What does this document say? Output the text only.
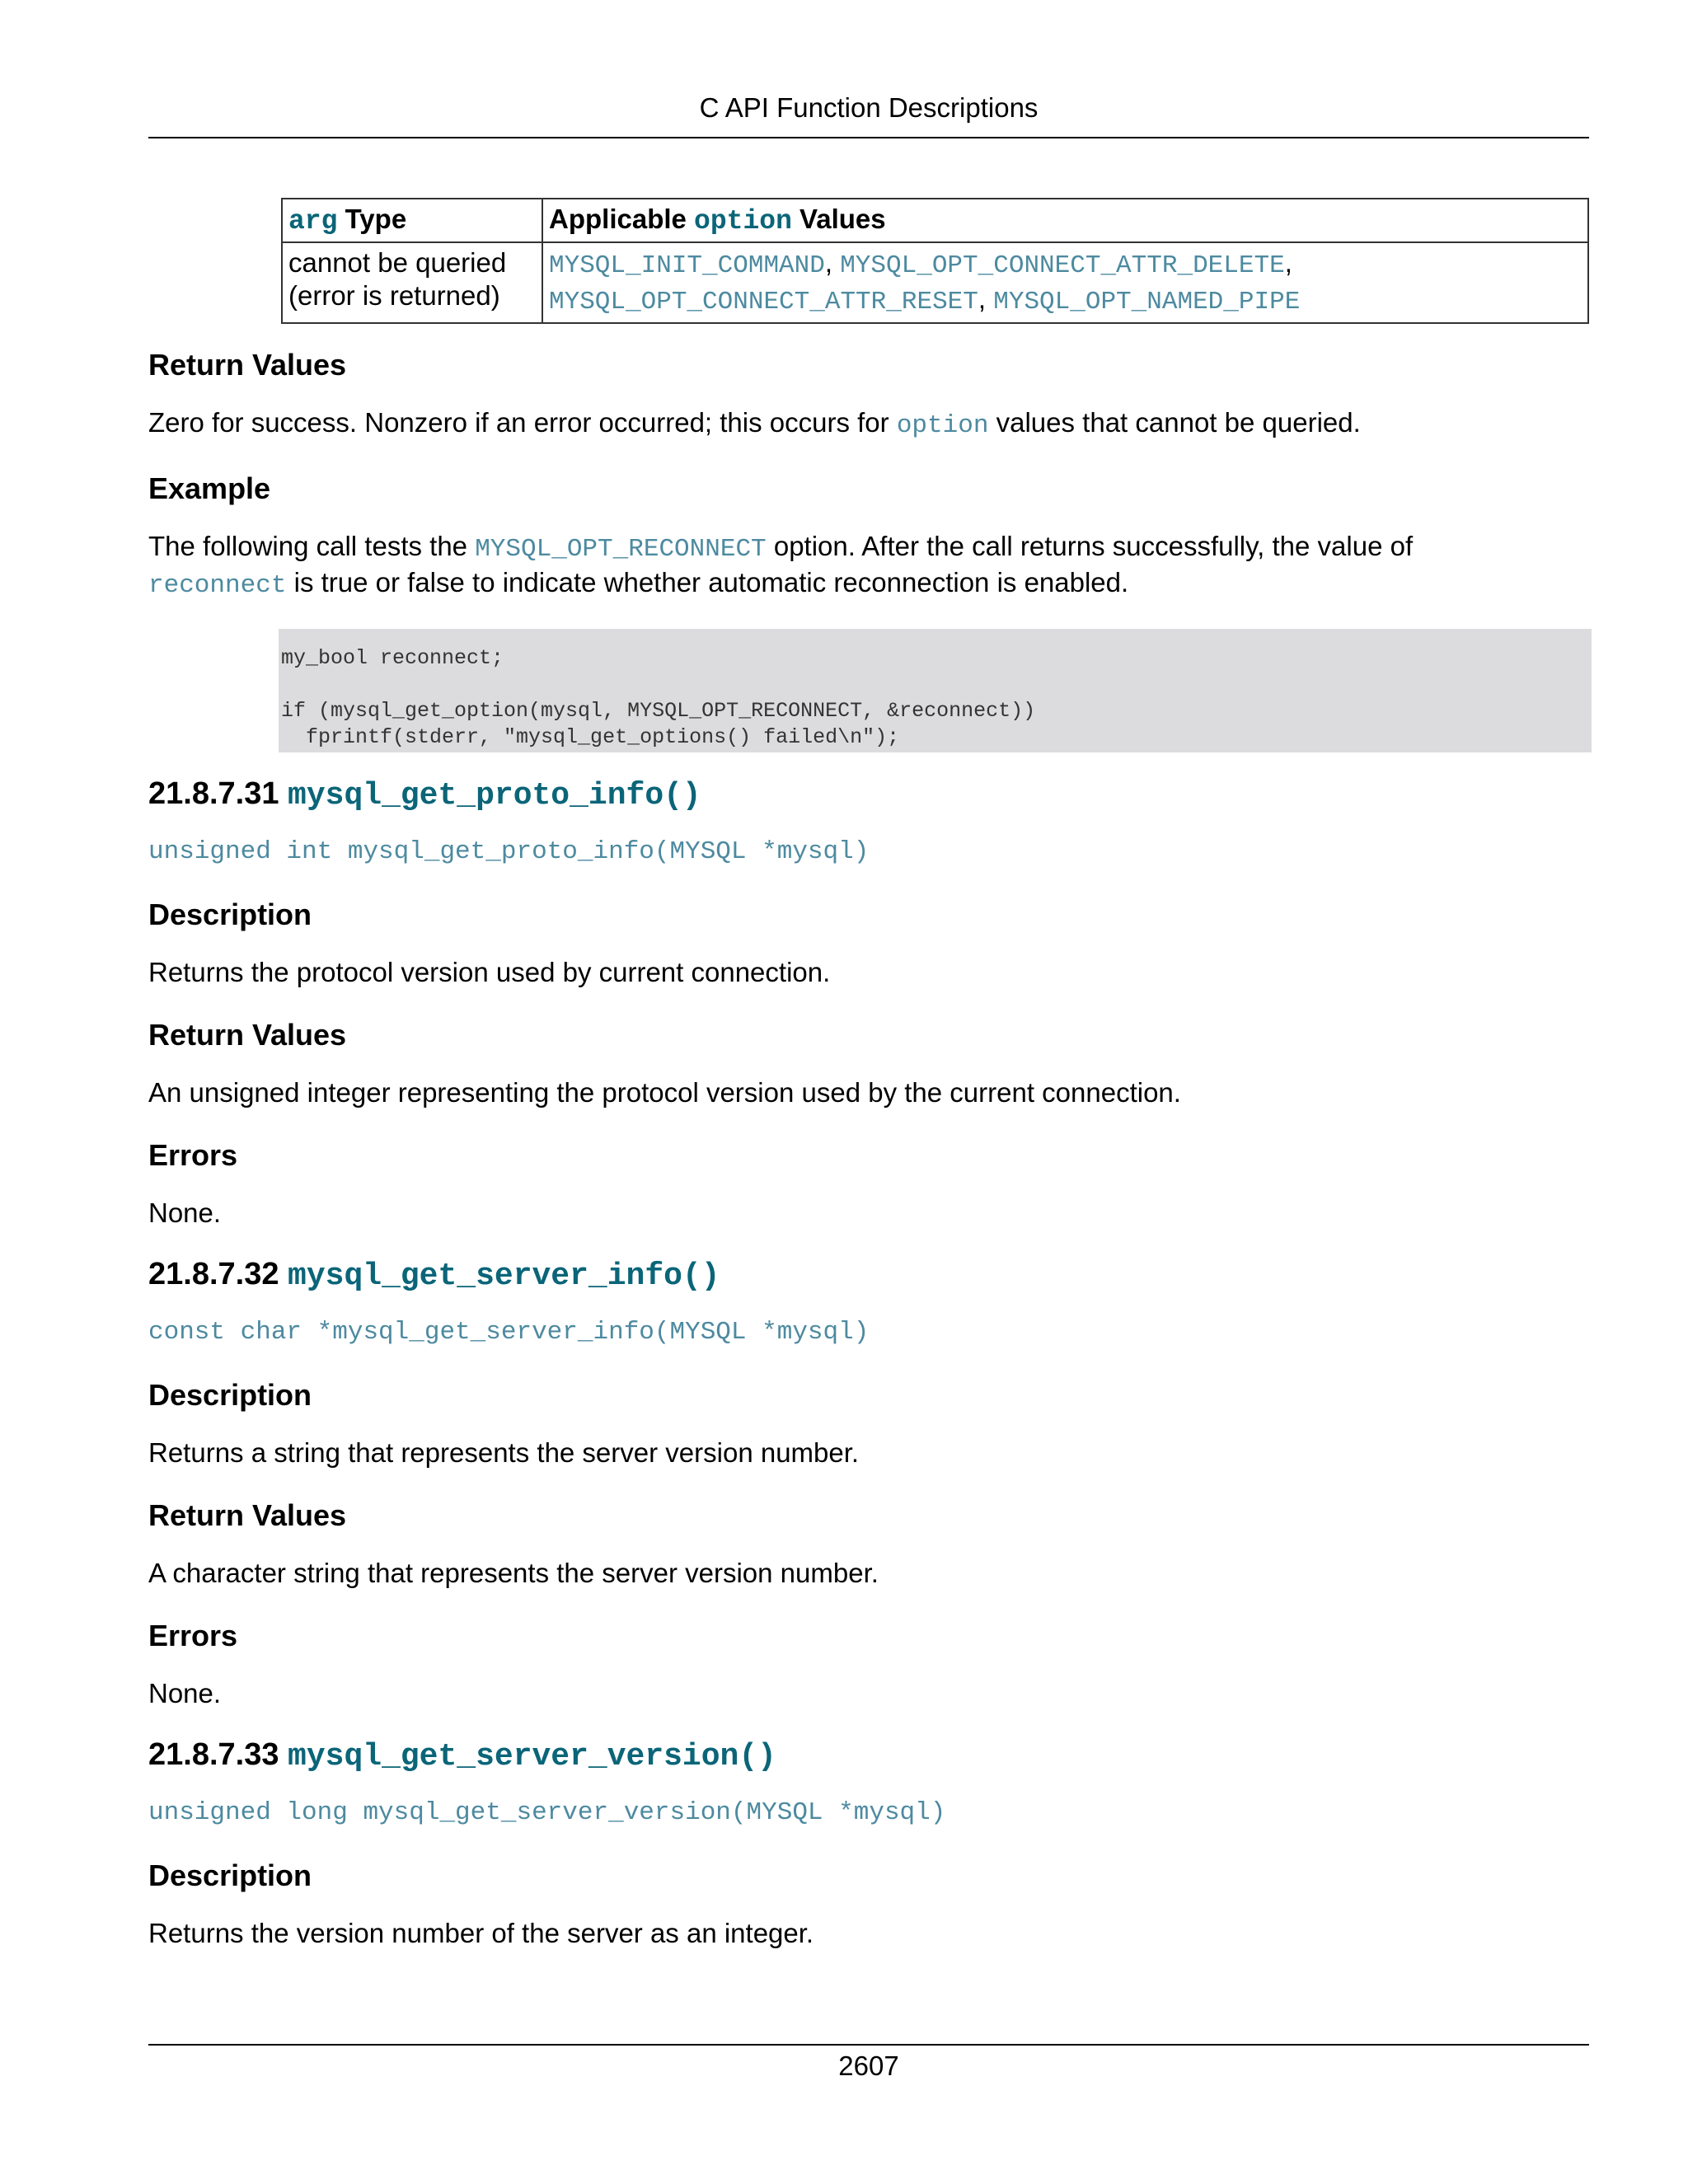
C API Function Descriptions
arg Type	Applicable option Values
cannot be queried
(error is returned)	MYSQL_INIT_COMMAND, MYSQL_OPT_CONNECT_ATTR_DELETE,
MYSQL_OPT_CONNECT_ATTR_RESET, MYSQL_OPT_NAMED_PIPE
Return Values

Zero for success. Nonzero if an error occurred; this occurs for option values that cannot be queried.

Example

The following call tests the MYSQL_OPT_RECONNECT option. After the call returns successfully, the value of
reconnect is true or false to indicate whether automatic reconnection is enabled.

my_bool reconnect;

if (mysql_get_option(mysql, MYSQL_OPT_RECONNECT, &reconnect))
fprintf(stderr, "mysql_get_options() failed\n");
21.8.7.31 mysql_get_proto_info()

unsigned int mysql_get_proto_info(MYSQL *mysql)

Description

Returns the protocol version used by current connection.

Return Values

An unsigned integer representing the protocol version used by the current connection.

Errors

None.

21.8.7.32 mysql_get_server_info()

const char *mysql_get_server_info(MYSQL *mysql)

Description

Returns a string that represents the server version number.

Return Values

A character string that represents the server version number.

Errors

None.

21.8.7.33 mysql_get_server_version()

unsigned long mysql_get_server_version(MYSQL *mysql)

Description

Returns the version number of the server as an integer.

2607
